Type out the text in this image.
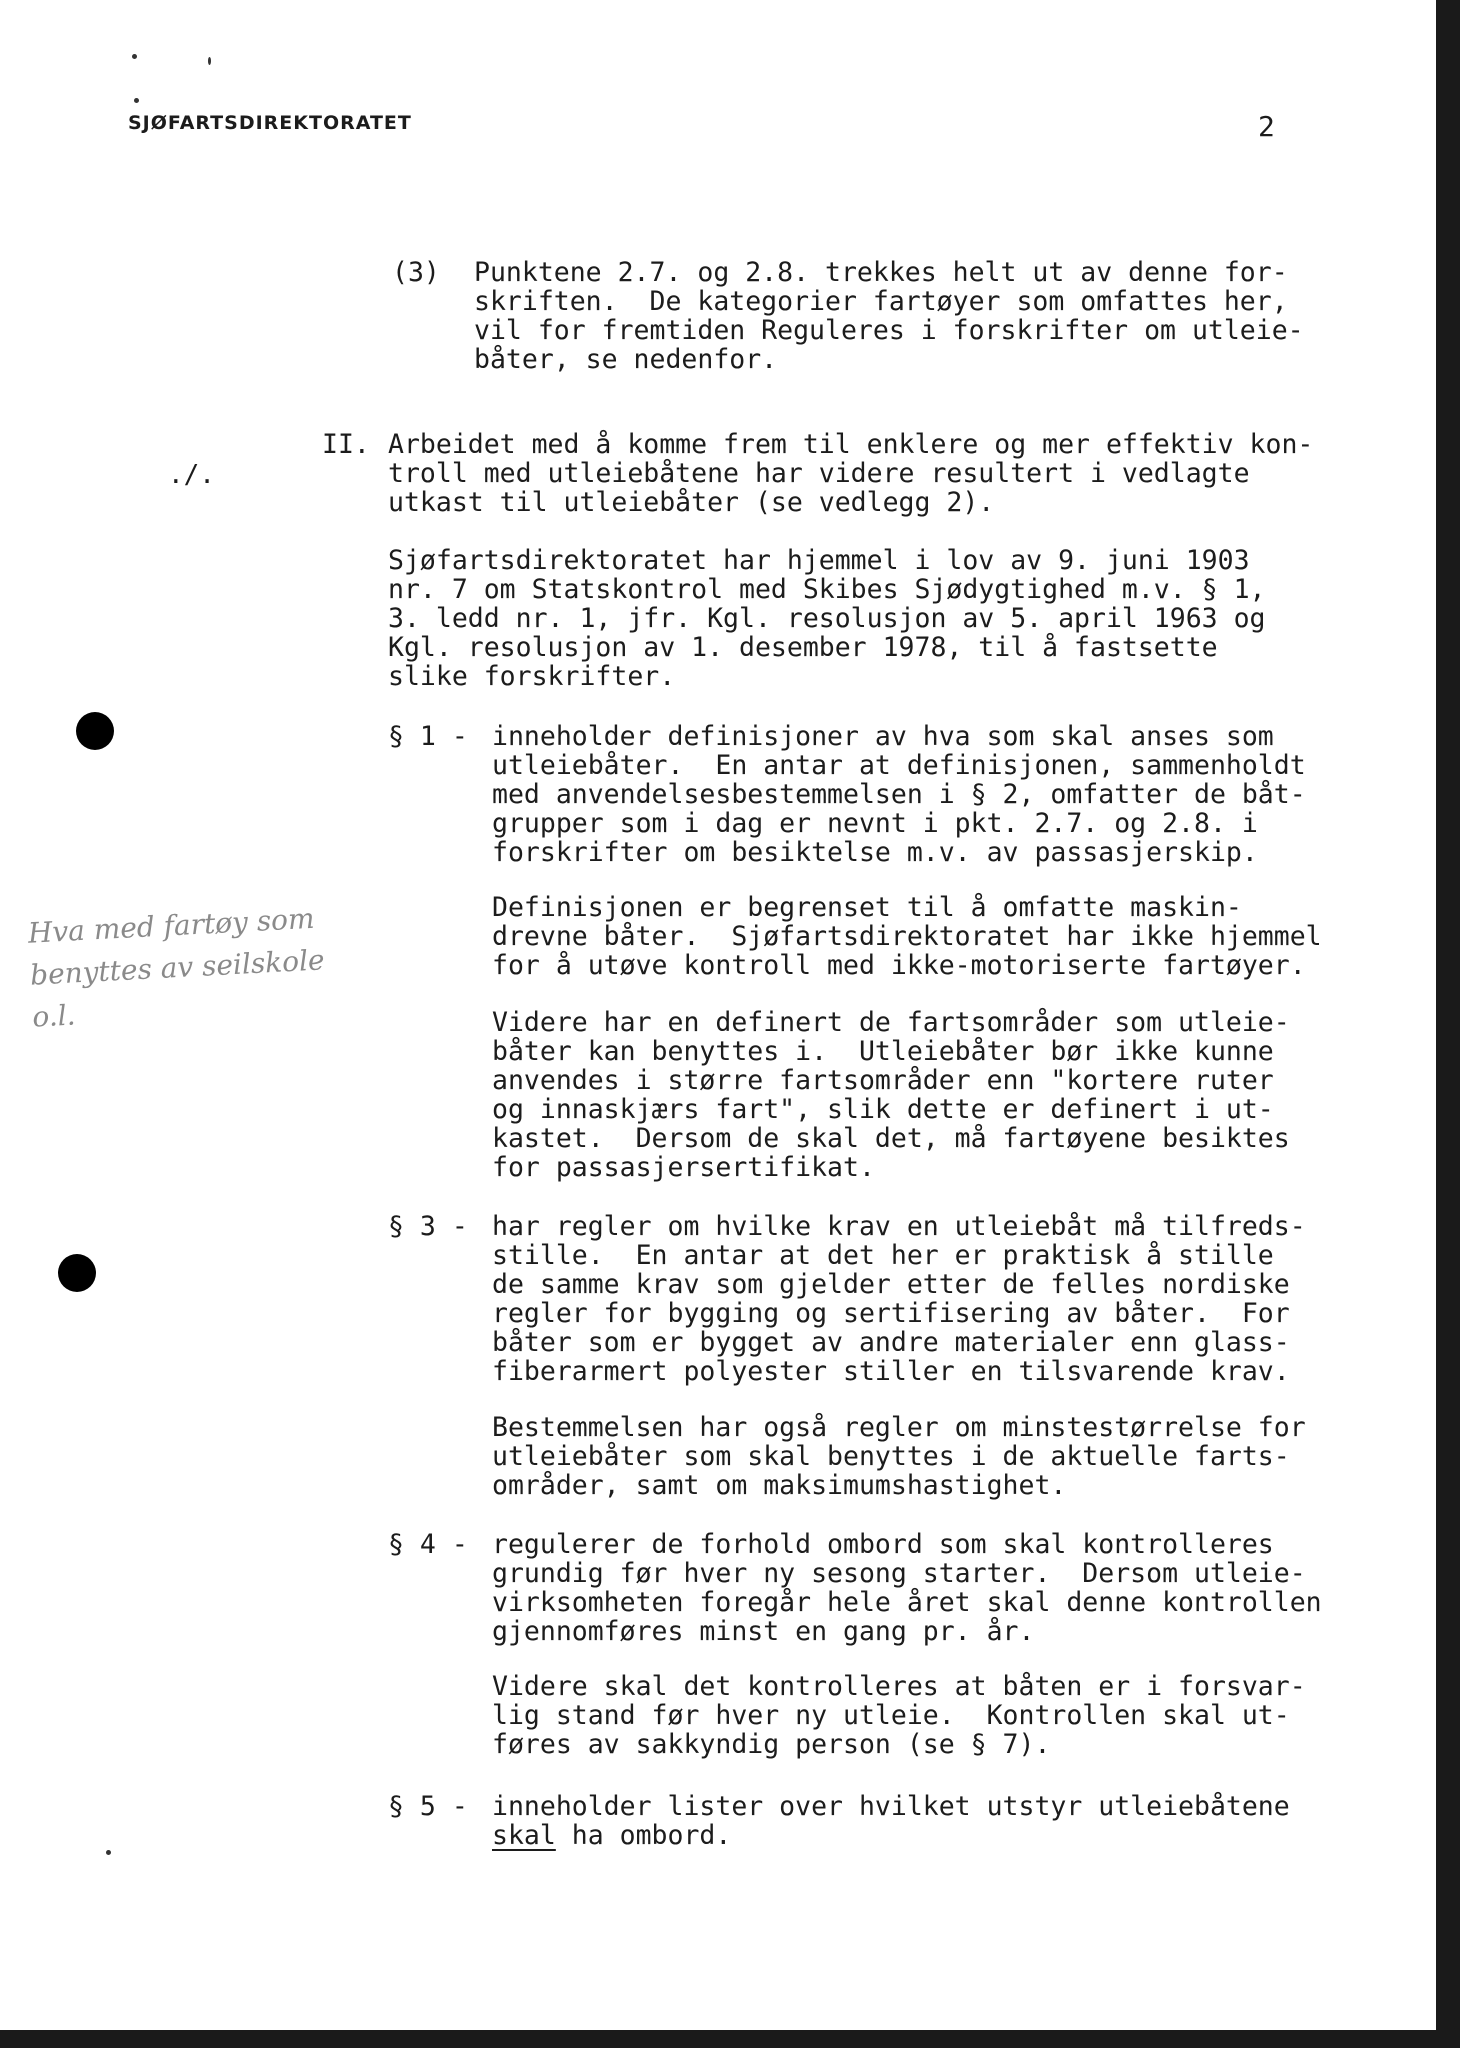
SJØFARTSDIREKTORATET	2
(3) Punktene 2.7. og 2.8. trekkes helt ut av denne for-
skriften.  De kategorier fartøyer som omfattes her,
vil for fremtiden Reguleres i forskrifter om utleie-
båter, se nedenfor.
./.
II. Arbeidet med å komme frem til enklere og mer effektiv kon-
troll med utleiebåtene har videre resultert i vedlagte
utkast til utleiebåter (se vedlegg 2).
Sjøfartsdirektoratet har hjemmel i lov av 9. juni 1903
nr. 7 om Statskontrol med Skibes Sjødygtighed m.v. § 1,
3. ledd nr. 1, jfr. Kgl. resolusjon av 5. april 1963 og
Kgl. resolusjon av 1. desember 1978, til å fastsette
slike forskrifter.
Hva med fartøy som
benyttes av seilskole
o.l.
§ 1 - inneholder definisjoner av hva som skal anses som
utleiebåter.  En antar at definisjonen, sammenholdt
med anvendelsesbestemmelsen i § 2, omfatter de båt-
grupper som i dag er nevnt i pkt. 2.7. og 2.8. i
forskrifter om besiktelse m.v. av passasjerskip.
Definisjonen er begrenset til å omfatte maskin-
drevne båter.  Sjøfartsdirektoratet har ikke hjemmel
for å utøve kontroll med ikke-motoriserte fartøyer.
Videre har en definert de fartsområder som utleie-
båter kan benyttes i.  Utleiebåter bør ikke kunne
anvendes i større fartsområder enn "kortere ruter
og innaskjærs fart", slik dette er definert i ut-
kastet.  Dersom de skal det, må fartøyene besiktes
for passasjersertifikat.
§ 3 - har regler om hvilke krav en utleiebåt må tilfreds-
stille.  En antar at det her er praktisk å stille
de samme krav som gjelder etter de felles nordiske
regler for bygging og sertifisering av båter.  For
båter som er bygget av andre materialer enn glass-
fiberarmert polyester stiller en tilsvarende krav.
Bestemmelsen har også regler om minstestørrelse for
utleiebåter som skal benyttes i de aktuelle farts-
områder, samt om maksimumshastighet.
§ 4 - regulerer de forhold ombord som skal kontrolleres
grundig før hver ny sesong starter.  Dersom utleie-
virksomheten foregår hele året skal denne kontrollen
gjennomføres minst en gang pr. år.
Videre skal det kontrolleres at båten er i forsvar-
lig stand før hver ny utleie.  Kontrollen skal ut-
føres av sakkyndig person (se § 7).
§ 5 - inneholder lister over hvilket utstyr utleiebåtene
skal ha ombord.
